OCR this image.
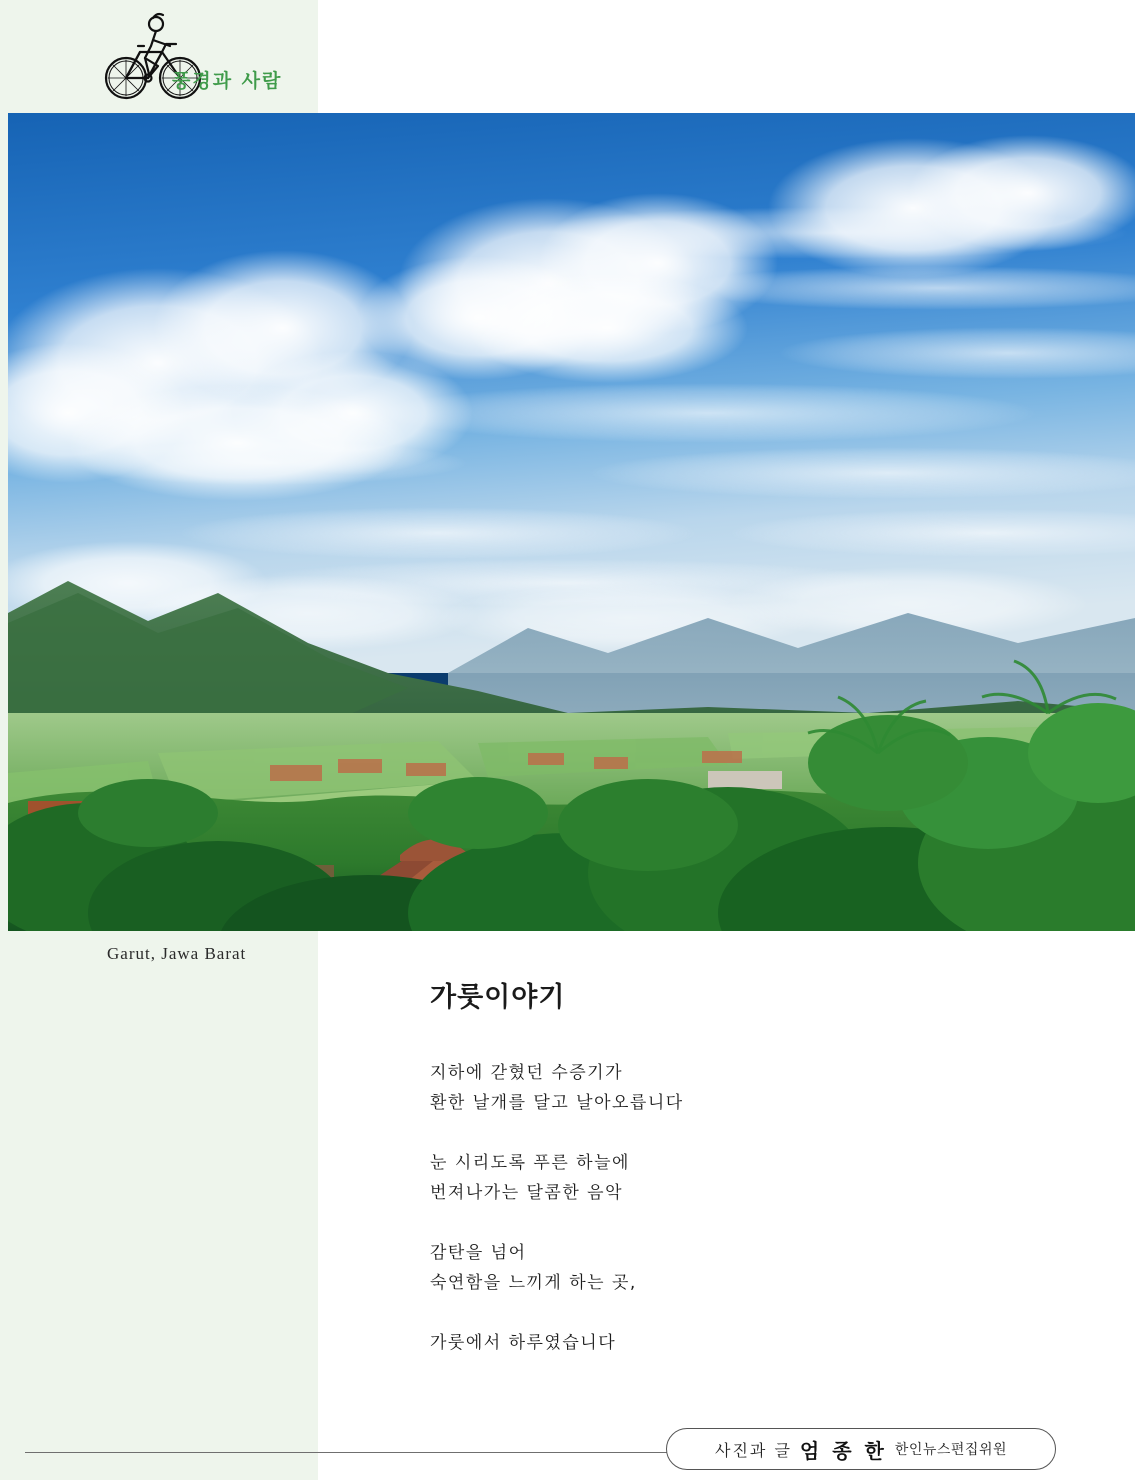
풍경과 사람
Garut, Jawa Barat
가룻이야기
지하에 갇혔던 수증기가
환한 날개를 달고 날아오릅니다
눈 시리도록 푸른 하늘에
번져나가는 달콤한 음악
감탄을 넘어
숙연함을 느끼게 하는 곳,
가룻에서 하루였습니다
사진과 글 엄 종 한 한인뉴스편집위원
